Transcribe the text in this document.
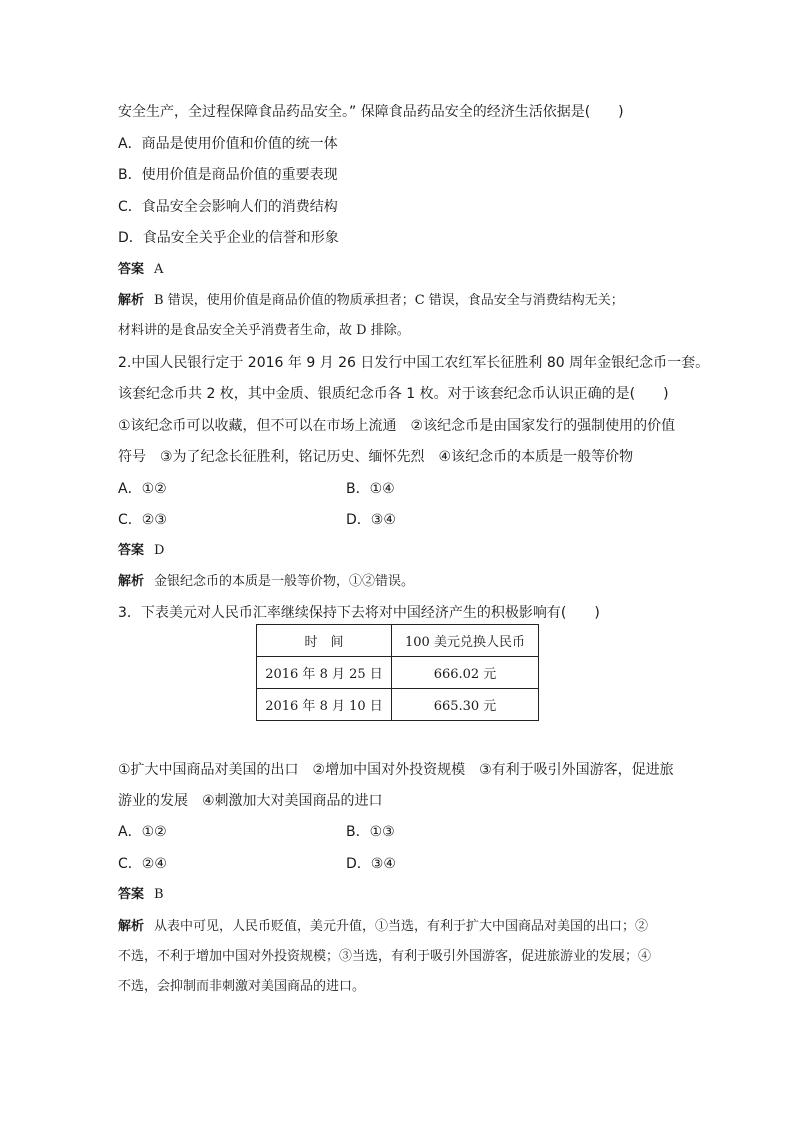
安全生产，全过程保障食品药品安全。” 保障食品药品安全的经济生活依据是(　　)
A．商品是使用价值和价值的统一体
B．使用价值是商品价值的重要表现
C．食品安全会影响人们的消费结构
D．食品安全关乎企业的信誉和形象
答案 A
解析 B 错误，使用价值是商品价值的物质承担者；C 错误，食品安全与消费结构无关；
材料讲的是食品安全关乎消费者生命，故 D 排除。
2.中国人民银行定于 2016 年 9 月 26 日发行中国工农红军长征胜利 80 周年金银纪念币一套。
该套纪念币共 2 枚，其中金质、银质纪念币各 1 枚。对于该套纪念币认识正确的是(　　)
①该纪念币可以收藏，但不可以在市场上流通　②该纪念币是由国家发行的强制使用的价值
符号　③为了纪念长征胜利，铭记历史、缅怀先烈　④该纪念币的本质是一般等价物
A．①②	B．①④
C．②③	D．③④
答案 D
解析 金银纪念币的本质是一般等价物，①②错误。
3．下表美元对人民币汇率继续保持下去将对中国经济产生的积极影响有(　　)
时　间	100 美元兑换人民币
2016 年 8 月 25 日	666.02 元
2016 年 8 月 10 日	665.30 元
①扩大中国商品对美国的出口　②增加中国对外投资规模　③有利于吸引外国游客，促进旅
游业的发展　④刺激加大对美国商品的进口
A．①②	B．①③
C．②④	D．③④
答案 B
解析 从表中可见，人民币贬值，美元升值，①当选，有利于扩大中国商品对美国的出口；②
不选，不利于增加中国对外投资规模；③当选，有利于吸引外国游客，促进旅游业的发展；④
不选，会抑制而非刺激对美国商品的进口。
